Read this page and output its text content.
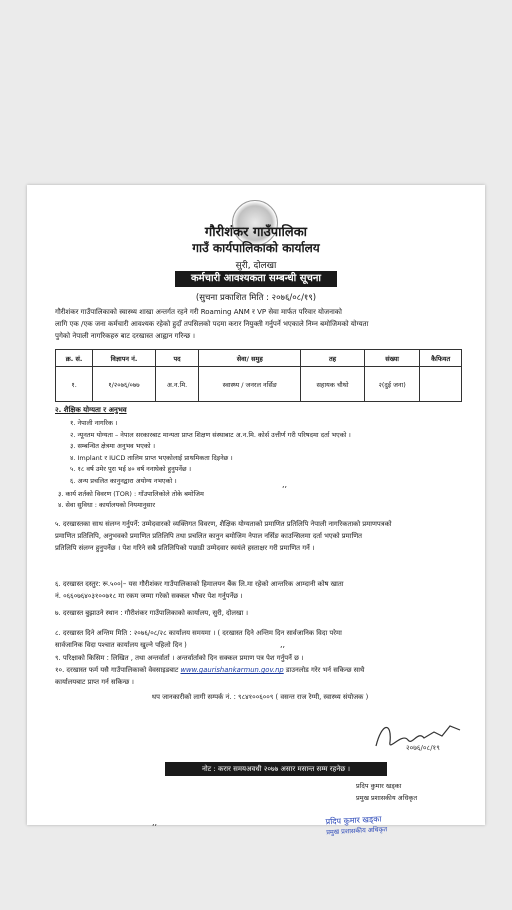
गौरीशंकर गाउँपालिका
गाउँ कार्यपालिकाको कार्यालय
सुरी, दोलखा
कर्मचारी आवश्यकता सम्बन्धी सूचना
(सुचना प्रकाशित मिति : २०७६/०८/१९)
गौरीशंकर गाउँपालिकाको स्वास्थ्य शाखा अन्तर्गत रहने गरी Roaming ANM र VP सेवा मार्फत परिवार योजनाको
लागि एक /एक जना कर्मचारी आवश्यक रहेको हुदाँ तपसिलको पदमा करार नियुक्ती गर्नुपर्ने भएकाले निम्न बमोजिमको योग्यता
पुगेको नेपाली नागरिकहरु बाट दरखास्त आह्वान गरिन्छ ।
क्र. सं.	विज्ञापन नं.	पद	सेवा/ समुह	तह	संख्या	कैफियत
१.	१/२०७६/०७७	अ.न.मि.	स्वास्थ्य / जनरल नर्सिङ	सहायक चौथो	२(दुई जना)	
२. शैक्षिक योग्यता र अनुभव
१. नेपाली नागरिक ।
२. न्यूनतम योग्यता – नेपाल सरकारबाट मान्यता प्राप्त शिक्षण संस्थाबाट अ.न.मि. कोर्स उत्तीर्ण गरी परिषदमा दर्ता भएको ।
३. सम्बन्धित क्षेत्रमा अनुभव भएको ।
४. Implant र IUCD तालिम प्राप्त भएकोलाई प्राथमिकता दिइनेछ ।
५. १८ वर्ष उमेर पुरा भई ४० वर्ष ननाघेको हुनुपर्नेछ ।
६. अन्य प्रचलित कानुनद्वारा अयोग्य नभएको ।	,,
३. कार्य शर्तको विवरण (TOR) : गाँउपालिकोले तोके बमोजिम
४. सेवा सुविधा : कार्यालयको नियमानुसार
५. दरखास्तका साथ संलग्न गर्नुपर्ने: उम्मेदवारको व्यक्तिगत विवरण, शैक्षिक योग्यताको प्रमाणित प्रतिलिपि नेपाली नागरिकताको प्रमाणपत्रको
प्रमाणित प्रतिलिपि, अनुभवको प्रमाणित प्रतिलिपि तथा प्रचलित कानुन बमोजिम नेपाल नर्सिङ काउन्सिलमा दर्ता भएको प्रमाणित
प्रतिलिपि संलग्न हुनुपर्नेछ । पेश गरिने सबै प्रतिलिपिको पछाडी उम्मेदवार स्वयंले हस्ताक्षर गरी प्रमाणित गर्ने ।
६. दरखास्त दस्तुर: रू.५००|– यस गौरीशंकर गाउँपालिकाको हिमालयन बैंक लि.मा रहेको आन्तरिक आम्दानी कोष खाता
नं. ०६६०७६४०३१००७१८ मा रकम जम्मा गरेको सक्कल भौचर पेश गर्नुपर्नेछ ।
७. दरखास्त बुझाउने स्थान : गौरीशंकर गाउँपालिकाको कार्यालय, सुरी, दोलखा ।
८. दरखास्त दिने अन्तिम मिति : २०७६/०८/२८ कार्यालय समयमा । ( दरखास्त दिने अन्तिम दिन सार्वजानिक विदा परेमा
सार्वजानिक विदा पश्चात कार्यालय खुल्ने पहिलो दिन )	,,
९. परिक्षाको किसिम : लिखित , तथा अन्तर्वार्ता । अन्तर्वार्ताको दिन सक्कल प्रमाण पत्र पेश गर्नुपर्ने छ ।
१०. दरखास्त फर्म यसै गाउँपालिकाको वेवसाइडबाट www.gaurishankarmun.gov.np डाउनलोड गरेर भर्न सकिन्छ साथै
कार्यालयबाट प्राप्त गर्न सकिन्छ ।
थप जानकारीको लागी सम्पर्क नं. : ९८४१००६००९ ( वसन्त राज रेग्मी, स्वास्थ्य संयोजक )
नोट : करार समयअवधी २०७७ असार मसान्त सम्म रहनेछ ।
२०७६/०८/१९
प्रदिप कुमार खड्का
प्रमुख प्रशासकीय अधिकृत
प्रदिप कुमार खड्का
प्रमुख प्रशासकीय अधिकृत
,,
